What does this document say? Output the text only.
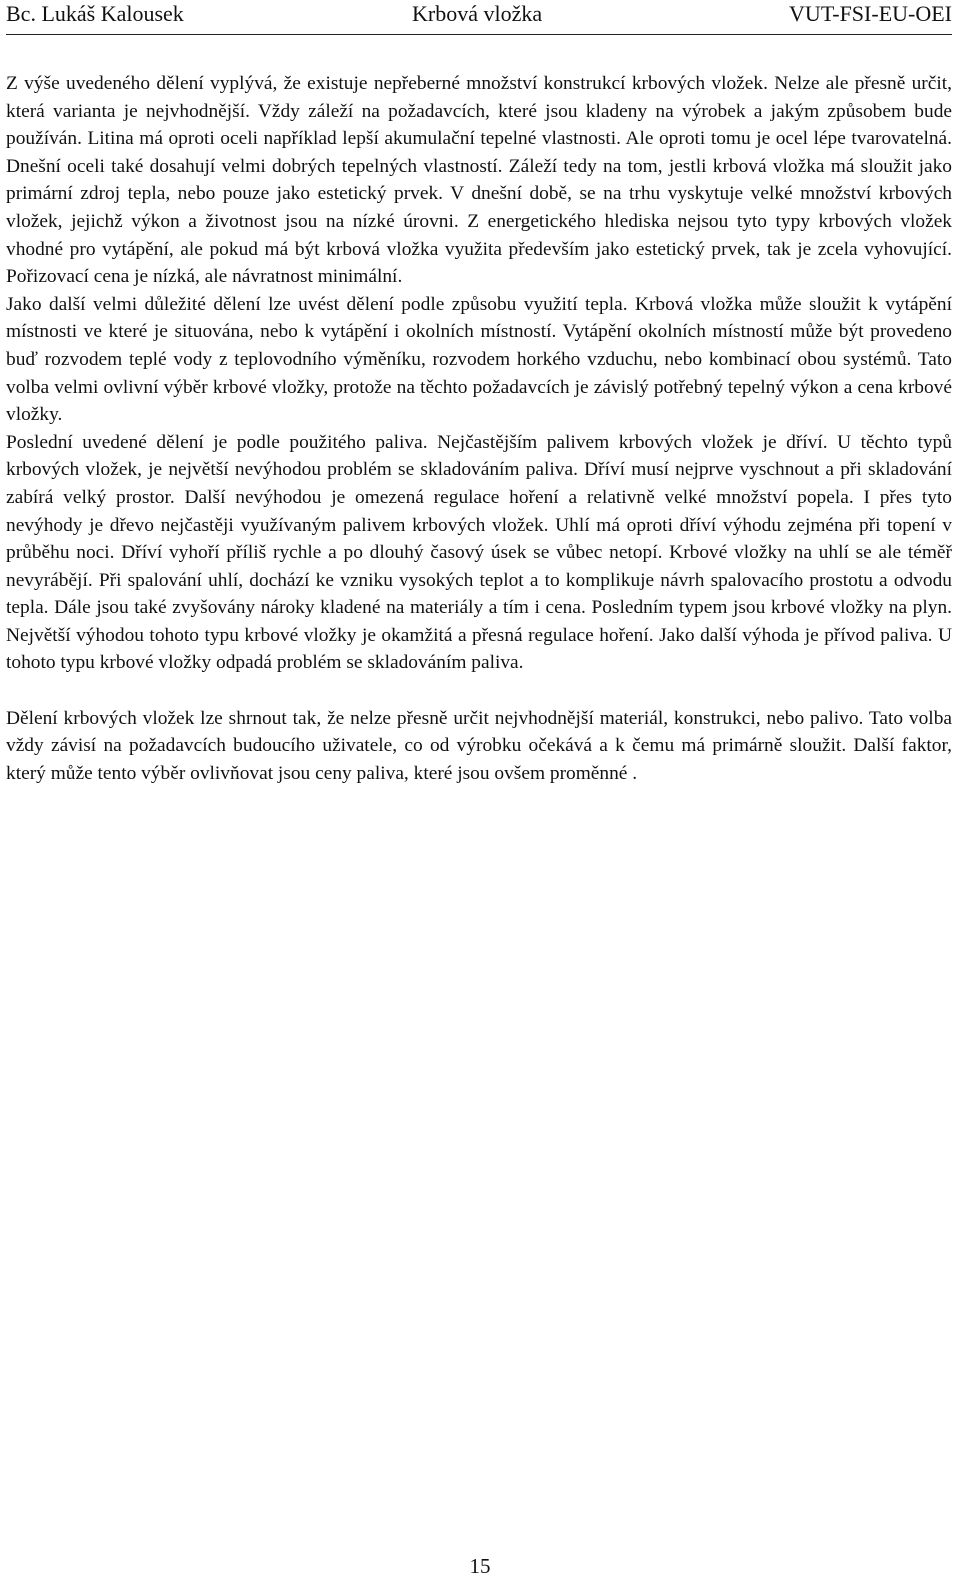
Bc. Lukáš Kalousek	Krbová vložka	VUT-FSI-EU-OEI

Z výše uvedeného dělení vyplývá, že existuje nepřeberné množství konstrukcí krbových vložek. Nelze ale přesně určit, která varianta je nejvhodnější. Vždy záleží na požadavcích, které jsou kladeny na výrobek a jakým způsobem bude používán. Litina má oproti oceli například lepší akumulační tepelné vlastnosti. Ale oproti tomu je ocel lépe tvarovatelná. Dnešní oceli také dosahují velmi dobrých tepelných vlastností. Záleží tedy na tom, jestli krbová vložka má sloužit jako primární zdroj tepla, nebo pouze jako estetický prvek. V dnešní době, se na trhu vyskytuje velké množství krbových vložek, jejichž výkon a životnost jsou na nízké úrovni. Z energetického hlediska nejsou tyto typy krbových vložek vhodné pro vytápění, ale pokud má být krbová vložka využita především jako estetický prvek, tak je zcela vyhovující. Pořizovací cena je nízká, ale návratnost minimální.

Jako další velmi důležité dělení lze uvést dělení podle způsobu využití tepla. Krbová vložka může sloužit k vytápění místnosti ve které je situována, nebo k vytápění i okolních místností. Vytápění okolních místností může být provedeno buď rozvodem teplé vody z teplovodního výměníku, rozvodem horkého vzduchu, nebo kombinací obou systémů. Tato volba velmi ovlivní výběr krbové vložky, protože na těchto požadavcích je závislý potřebný tepelný výkon a cena krbové vložky.

Poslední uvedené dělení je podle použitého paliva. Nejčastějším palivem krbových vložek je dříví. U těchto typů krbových vložek, je největší nevýhodou problém se skladováním paliva. Dříví musí nejprve vyschnout a při skladování zabírá velký prostor. Další nevýhodou je omezená regulace hoření a relativně velké množství popela. I přes tyto nevýhody je dřevo nejčastěji využívaným palivem krbových vložek. Uhlí má oproti dříví výhodu zejména při topení v průběhu noci. Dříví vyhoří příliš rychle a po dlouhý časový úsek se vůbec netopí. Krbové vložky na uhlí se ale téměř nevyrábějí. Při spalování uhlí, dochází ke vzniku vysokých teplot a to komplikuje návrh spalovacího prostotu a odvodu tepla. Dále jsou také zvyšovány nároky kladené na materiály a tím i cena. Posledním typem jsou krbové vložky na plyn. Největší výhodou tohoto typu krbové vložky je okamžitá a přesná regulace hoření. Jako další výhoda je přívod paliva. U tohoto typu krbové vložky odpadá problém se skladováním paliva.

Dělení krbových vložek lze shrnout tak, že nelze přesně určit nejvhodnější materiál, konstrukci, nebo palivo. Tato volba vždy závisí na požadavcích budoucího uživatele, co od výrobku očekává a k čemu má primárně sloužit. Další faktor, který může tento výběr ovlivňovat jsou ceny paliva, které jsou ovšem proměnné .

15
